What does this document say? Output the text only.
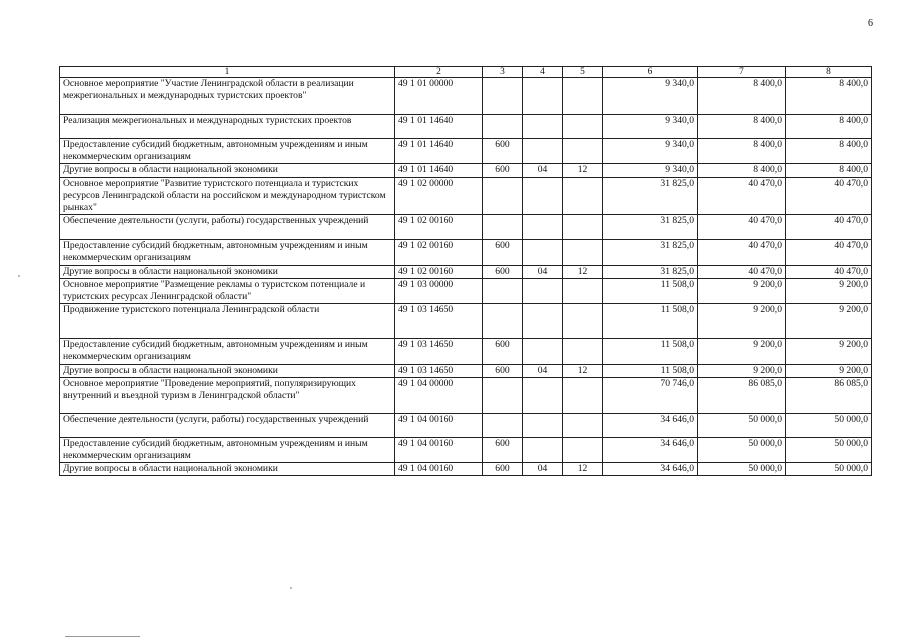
6
1	2	3	4	5	6	7	8
Основное мероприятие "Участие Ленинградской области в реализации межрегиональных и международных туристских проектов"	49 1 01 00000				9 340,0	8 400,0	8 400,0
Реализация межрегиональных и международных туристских проектов	49 1 01 14640				9 340,0	8 400,0	8 400,0
Предоставление субсидий бюджетным, автономным учреждениям и иным некоммерческим организациям	49 1 01 14640	600			9 340,0	8 400,0	8 400,0
Другие вопросы в области национальной экономики	49 1 01 14640	600	04	12	9 340,0	8 400,0	8 400,0
Основное мероприятие "Развитие туристского потенциала и туристских ресурсов Ленинградской области на российском и международном туристском рынках"	49 1 02 00000				31 825,0	40 470,0	40 470,0
Обеспечение деятельности (услуги, работы) государственных учреждений	49 1 02 00160				31 825,0	40 470,0	40 470,0
Предоставление субсидий бюджетным, автономным учреждениям и иным некоммерческим организациям	49 1 02 00160	600			31 825,0	40 470,0	40 470,0
Другие вопросы в области национальной экономики	49 1 02 00160	600	04	12	31 825,0	40 470,0	40 470,0
Основное мероприятие "Размещение рекламы о туристском потенциале и туристских ресурсах Ленинградской области"	49 1 03 00000				11 508,0	9 200,0	9 200,0
Продвижение туристского потенциала Ленинградской области	49 1 03 14650				11 508,0	9 200,0	9 200,0
Предоставление субсидий бюджетным, автономным учреждениям и иным некоммерческим организациям	49 1 03 14650	600			11 508,0	9 200,0	9 200,0
Другие вопросы в области национальной экономики	49 1 03 14650	600	04	12	11 508,0	9 200,0	9 200,0
Основное мероприятие "Проведение мероприятий, популяризирующих внутренний и въездной туризм в Ленинградской области"	49 1 04 00000				70 746,0	86 085,0	86 085,0
Обеспечение деятельности (услуги, работы) государственных учреждений	49 1 04 00160				34 646,0	50 000,0	50 000,0
Предоставление субсидий бюджетным, автономным учреждениям и иным некоммерческим организациям	49 1 04 00160	600			34 646,0	50 000,0	50 000,0
Другие вопросы в области национальной экономики	49 1 04 00160	600	04	12	34 646,0	50 000,0	50 000,0
